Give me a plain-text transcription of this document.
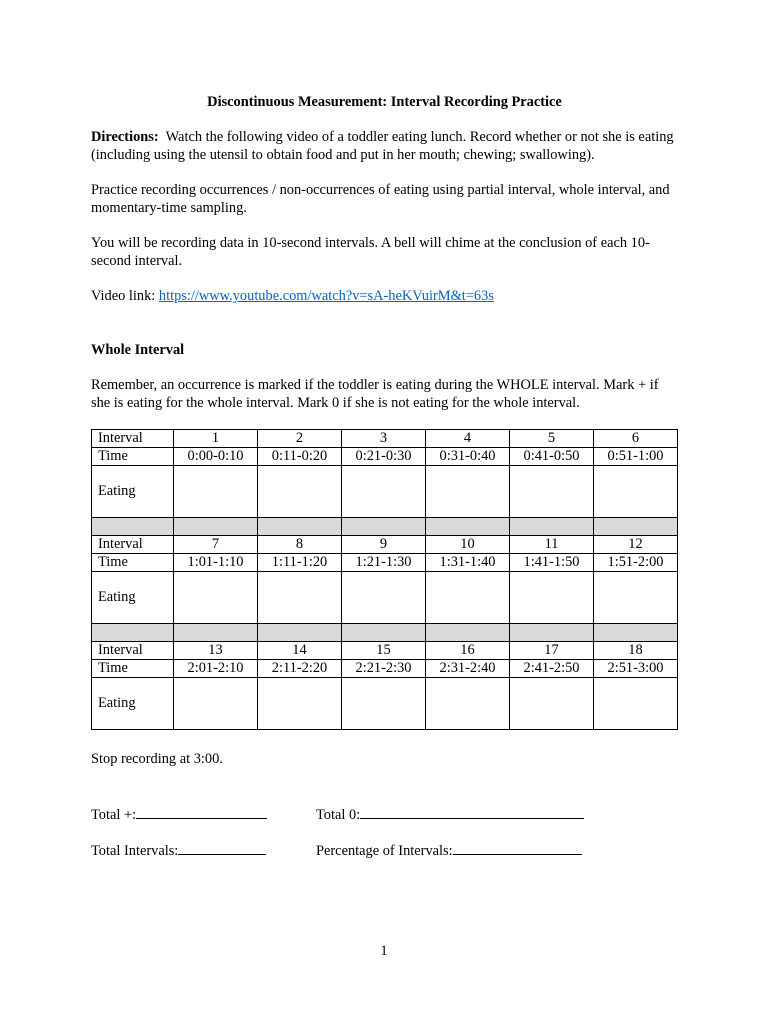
Discontinuous Measurement: Interval Recording Practice

Directions: Watch the following video of a toddler eating lunch. Record whether or not she is eating (including using the utensil to obtain food and put in her mouth; chewing; swallowing).

Practice recording occurrences / non-occurrences of eating using partial interval, whole interval, and momentary-time sampling.

You will be recording data in 10-second intervals. A bell will chime at the conclusion of each 10-second interval.

Video link: https://www.youtube.com/watch?v=sA-heKVuirM&t=63s

Whole Interval

Remember, an occurrence is marked if the toddler is eating during the WHOLE interval. Mark + if she is eating for the whole interval. Mark 0 if she is not eating for the whole interval.

Interval	1	2	3	4	5	6
Time	0:00-0:10	0:11-0:20	0:21-0:30	0:31-0:40	0:41-0:50	0:51-1:00
Eating						

Interval	7	8	9	10	11	12
Time	1:01-1:10	1:11-1:20	1:21-1:30	1:31-1:40	1:41-1:50	1:51-2:00
Eating						

Interval	13	14	15	16	17	18
Time	2:01-2:10	2:11-2:20	2:21-2:30	2:31-2:40	2:41-2:50	2:51-3:00
Eating						

Stop recording at 3:00.

Total +:	Total 0:
Total Intervals:	Percentage of Intervals:
1
